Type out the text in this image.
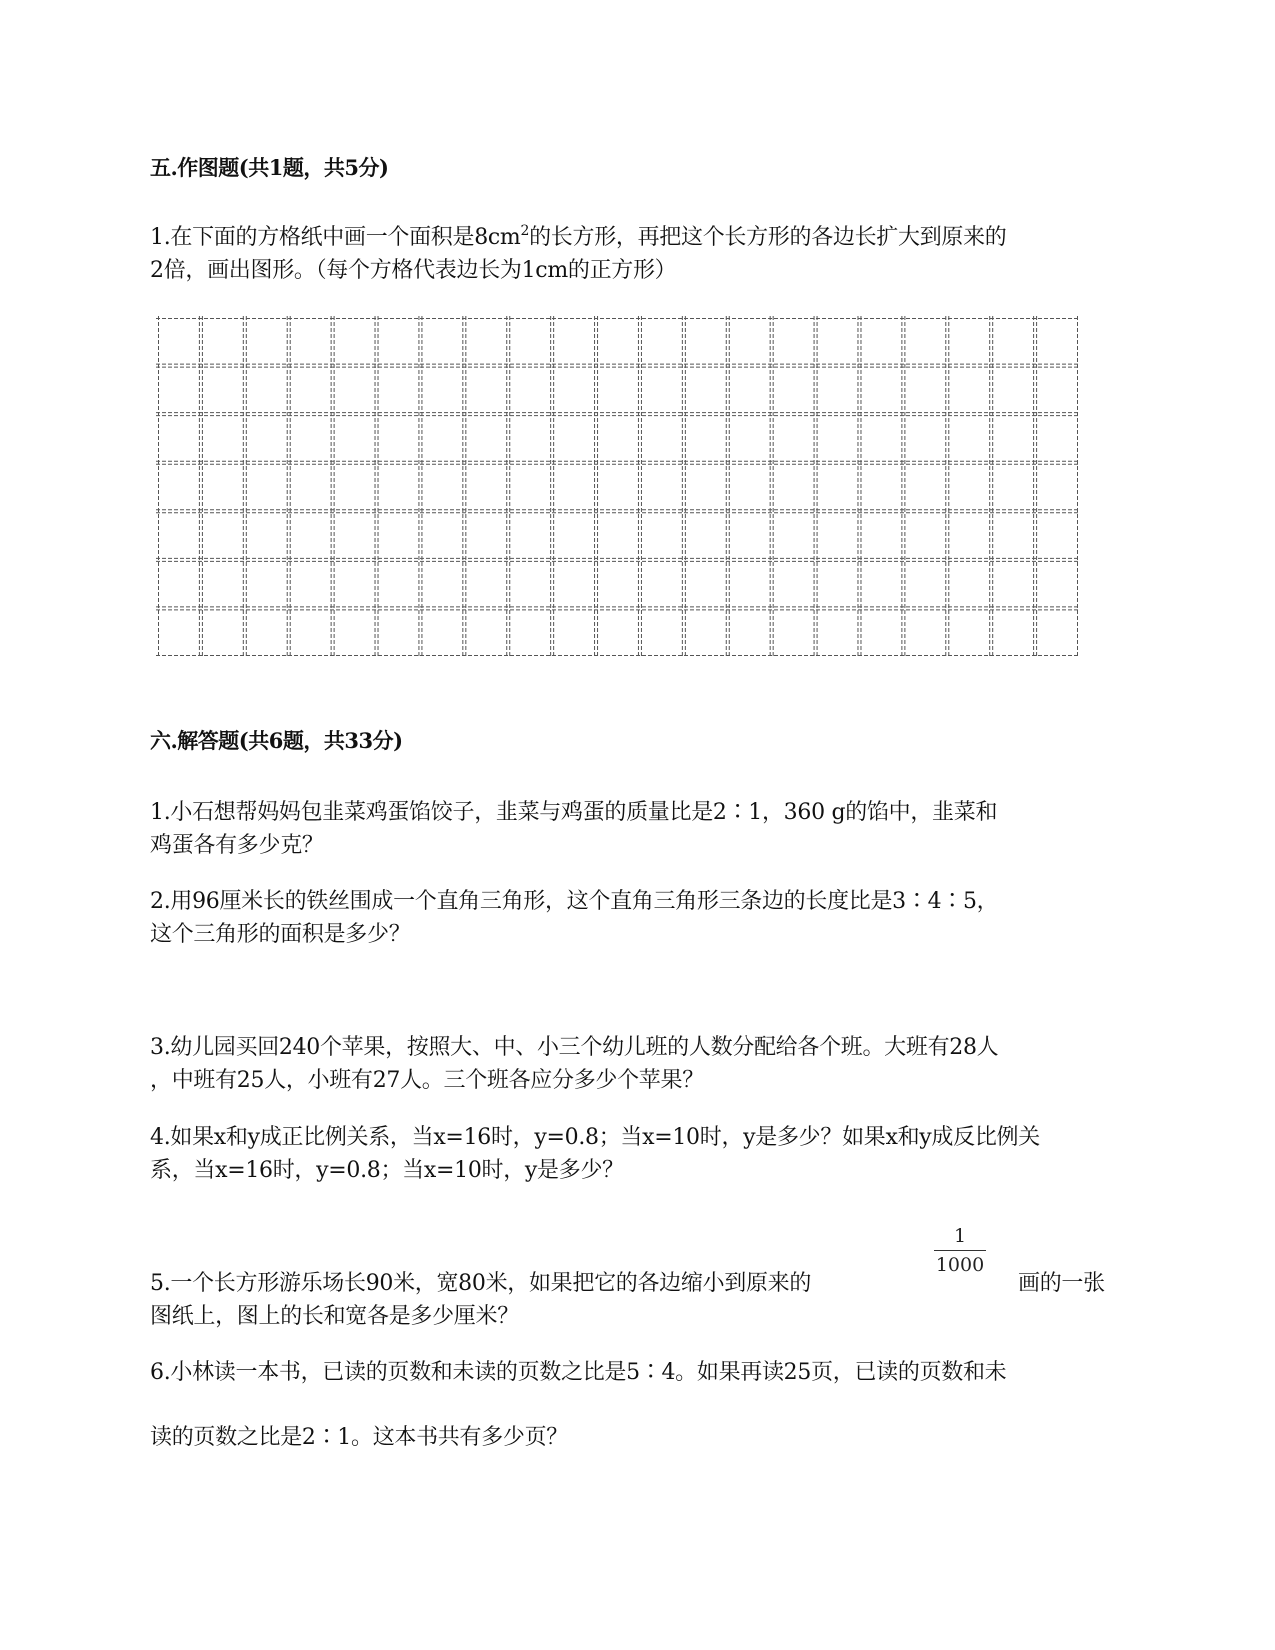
五.作图题(共1题，共5分)
1.在下面的方格纸中画一个面积是$8cm^2$的长方形，再把这个长方形的各边长扩大到原来的
2倍，画出图形。（每个方格代表边长为1cm的正方形）
六.解答题(共6题，共33分)
1.小石想帮妈妈包韭菜鸡蛋馅饺子，韭菜与鸡蛋的质量比是2∶1，360 g的馅中，韭菜和
鸡蛋各有多少克？
2.用96厘米长的铁丝围成一个直角三角形，这个直角三角形三条边的长度比是3∶4∶5，
这个三角形的面积是多少？
3.幼儿园买回240个苹果，按照大、中、小三个幼儿班的人数分配给各个班。大班有28人
，中班有25人，小班有27人。三个班各应分多少个苹果？
4.如果x和y成正比例关系，当x=16时，y=0.8；当x=10时，y是多少？如果x和y成反比例关
系，当x=16时，y=0.8；当x=10时，y是多少？
5.一个长方形游乐场长90米，宽80米，如果把它的各边缩小到原来的
1
1000
画的一张
图纸上，图上的长和宽各是多少厘米？
6.小林读一本书，已读的页数和未读的页数之比是5∶4。如果再读25页，已读的页数和未
读的页数之比是2∶1。这本书共有多少页？
